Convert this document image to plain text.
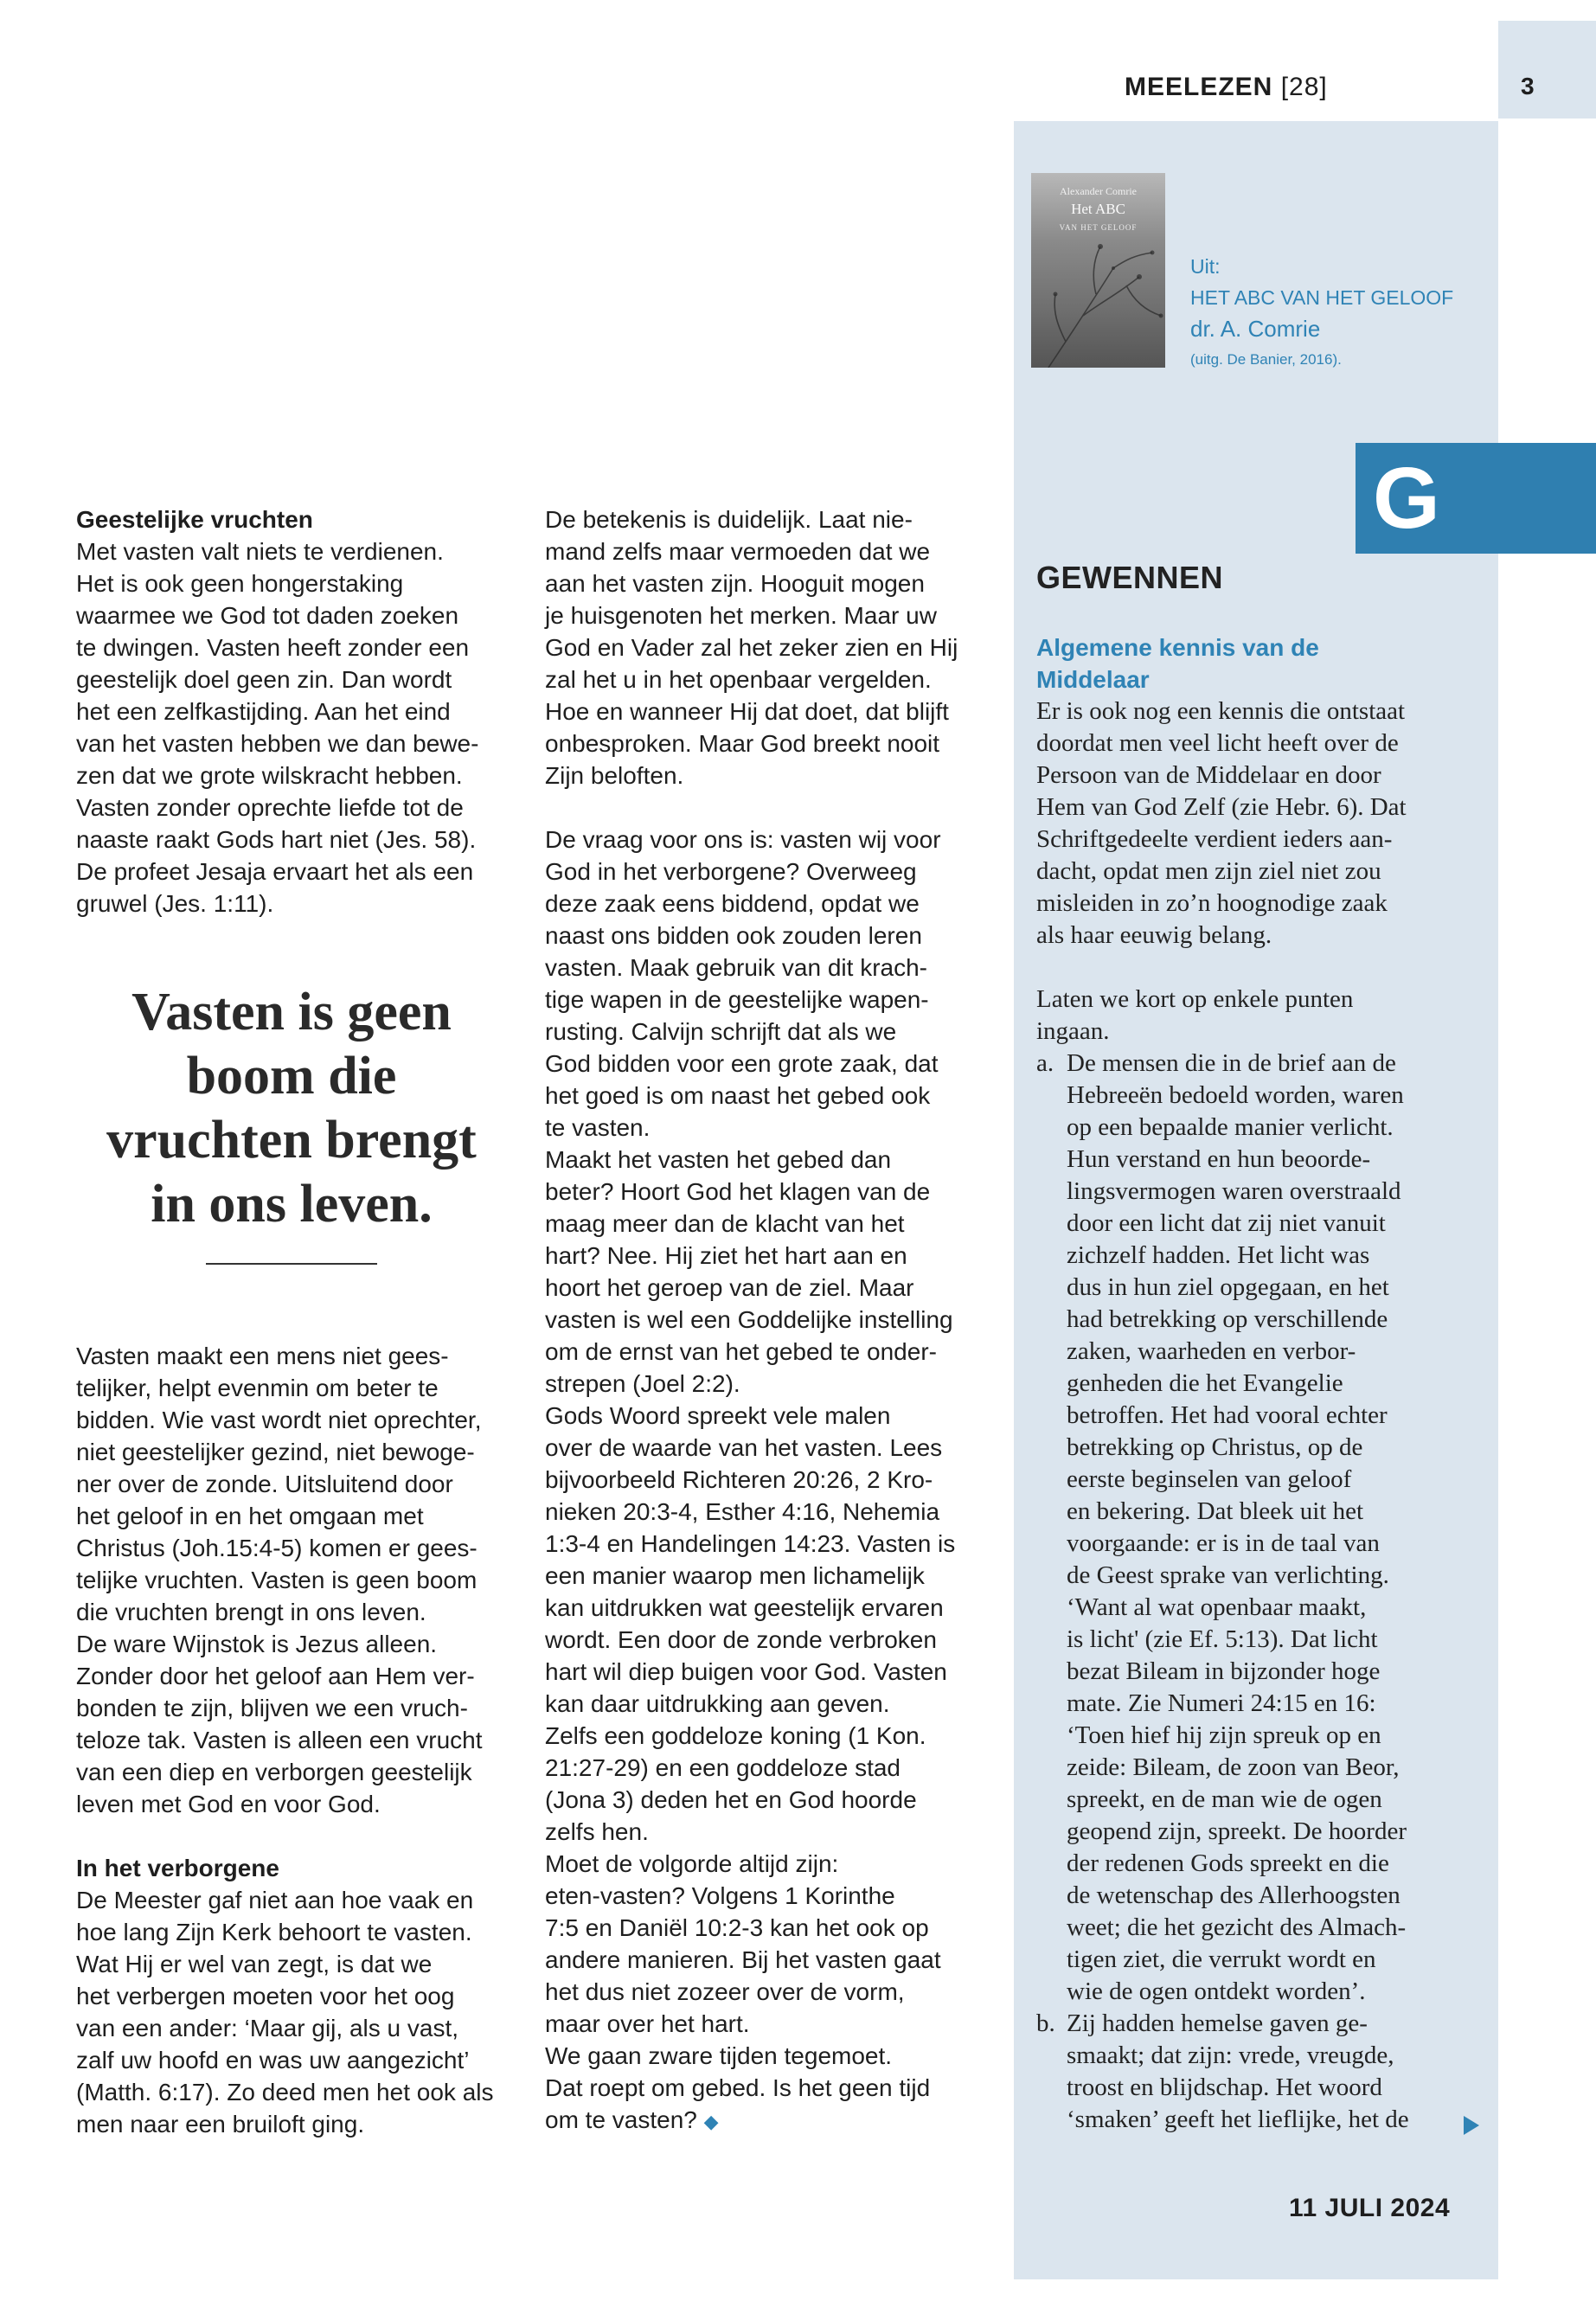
MEELEZEN [28]	3
Alexander Comrie
Het ABC
VAN HET GELOOF
Uit:
HET ABC VAN HET GELOOF
dr. A. Comrie
(uitg. De Banier, 2016).
G

Geestelijke vruchten

Met vasten valt niets te verdienen.

Het is ook geen hongerstaking

waarmee we God tot daden zoeken

te dwingen. Vasten heeft zonder een

geestelijk doel geen zin. Dan wordt

het een zelfkastijding. Aan het eind

van het vasten hebben we dan bewe-

zen dat we grote wilskracht hebben.

Vasten zonder oprechte liefde tot de

naaste raakt Gods hart niet (Jes. 58).

De profeet Jesaja ervaart het als een

gruwel (Jes. 1:11).

Vasten is geen
boom die
vruchten brengt
in ons leven.

Vasten maakt een mens niet gees-

telijker, helpt evenmin om beter te

bidden. Wie vast wordt niet oprechter,

niet geestelijker gezind, niet bewoge-

ner over de zonde. Uitsluitend door

het geloof in en het omgaan met

Christus (Joh.15:4-5) komen er gees-

telijke vruchten. Vasten is geen boom

die vruchten brengt in ons leven.

De ware Wijnstok is Jezus alleen.

Zonder door het geloof aan Hem ver-

bonden te zijn, blijven we een vruch-

teloze tak. Vasten is alleen een vrucht

van een diep en verborgen geestelijk

leven met God en voor God.

In het verborgene

De Meester gaf niet aan hoe vaak en

hoe lang Zijn Kerk behoort te vasten.

Wat Hij er wel van zegt, is dat we

het verbergen moeten voor het oog

van een ander: ‘Maar gij, als u vast,

zalf uw hoofd en was uw aangezicht’

(Matth. 6:17). Zo deed men het ook als

men naar een bruiloft ging.

De betekenis is duidelijk. Laat nie-

mand zelfs maar vermoeden dat we

aan het vasten zijn. Hooguit mogen

je huisgenoten het merken. Maar uw

God en Vader zal het zeker zien en Hij

zal het u in het openbaar vergelden.

Hoe en wanneer Hij dat doet, dat blijft

onbesproken. Maar God breekt nooit

Zijn beloften.

De vraag voor ons is: vasten wij voor

God in het verborgene? Overweeg

deze zaak eens biddend, opdat we

naast ons bidden ook zouden leren

vasten. Maak gebruik van dit krach-

tige wapen in de geestelijke wapen-

rusting. Calvijn schrijft dat als we

God bidden voor een grote zaak, dat

het goed is om naast het gebed ook

te vasten.

Maakt het vasten het gebed dan

beter? Hoort God het klagen van de

maag meer dan de klacht van het

hart? Nee. Hij ziet het hart aan en

hoort het geroep van de ziel. Maar

vasten is wel een Goddelijke instelling

om de ernst van het gebed te onder-

strepen (Joel 2:2).

Gods Woord spreekt vele malen

over de waarde van het vasten. Lees

bijvoorbeeld Richteren 20:26, 2 Kro-

nieken 20:3-4, Esther 4:16, Nehemia

1:3-4 en Handelingen 14:23. Vasten is

een manier waarop men lichamelijk

kan uitdrukken wat geestelijk ervaren

wordt. Een door de zonde verbroken

hart wil diep buigen voor God. Vasten

kan daar uitdrukking aan geven.

Zelfs een goddeloze koning (1 Kon.

21:27-29) en een goddeloze stad

(Jona 3) deden het en God hoorde

zelfs hen.

Moet de volgorde altijd zijn:

eten-vasten? Volgens 1 Korinthe

7:5 en Daniël 10:2-3 kan het ook op

andere manieren. Bij het vasten gaat

het dus niet zozeer over de vorm,

maar over het hart.

We gaan zware tijden tegemoet.

Dat roept om gebed. Is het geen tijd

om te vasten? ◆

GEWENNEN
Algemene kennis van de Middelaar

Er is ook nog een kennis die ontstaat

doordat men veel licht heeft over de

Persoon van de Middelaar en door

Hem van God Zelf (zie Hebr. 6). Dat

Schriftgedeelte verdient ieders aan-

dacht, opdat men zijn ziel niet zou

misleiden in zo’n hoognodige zaak

als haar eeuwig belang.

Laten we kort op enkele punten

ingaan.

a. De mensen die in de brief aan de

Hebreeën bedoeld worden, waren

op een bepaalde manier verlicht.

Hun verstand en hun beoorde-

lingsvermogen waren overstraald

door een licht dat zij niet vanuit

zichzelf hadden. Het licht was

dus in hun ziel opgegaan, en het

had betrekking op verschillende

zaken, waarheden en verbor-

genheden die het Evangelie

betroffen. Het had vooral echter

betrekking op Christus, op de

eerste beginselen van geloof

en bekering. Dat bleek uit het

voorgaande: er is in de taal van

de Geest sprake van verlichting.

‘Want al wat openbaar maakt,

is licht' (zie Ef. 5:13). Dat licht

bezat Bileam in bijzonder hoge

mate. Zie Numeri 24:15 en 16:

‘Toen hief hij zijn spreuk op en

zeide: Bileam, de zoon van Beor,

spreekt, en de man wie de ogen

geopend zijn, spreekt. De hoorder

der redenen Gods spreekt en die

de wetenschap des Allerhoogsten

weet; die het gezicht des Almach-

tigen ziet, die verrukt wordt en

wie de ogen ontdekt worden’.

b. Zij hadden hemelse gaven ge-

smaakt; dat zijn: vrede, vreugde,

troost en blijdschap. Het woord

‘smaken’ geeft het lieflijke, het de

11 JULI 2024
